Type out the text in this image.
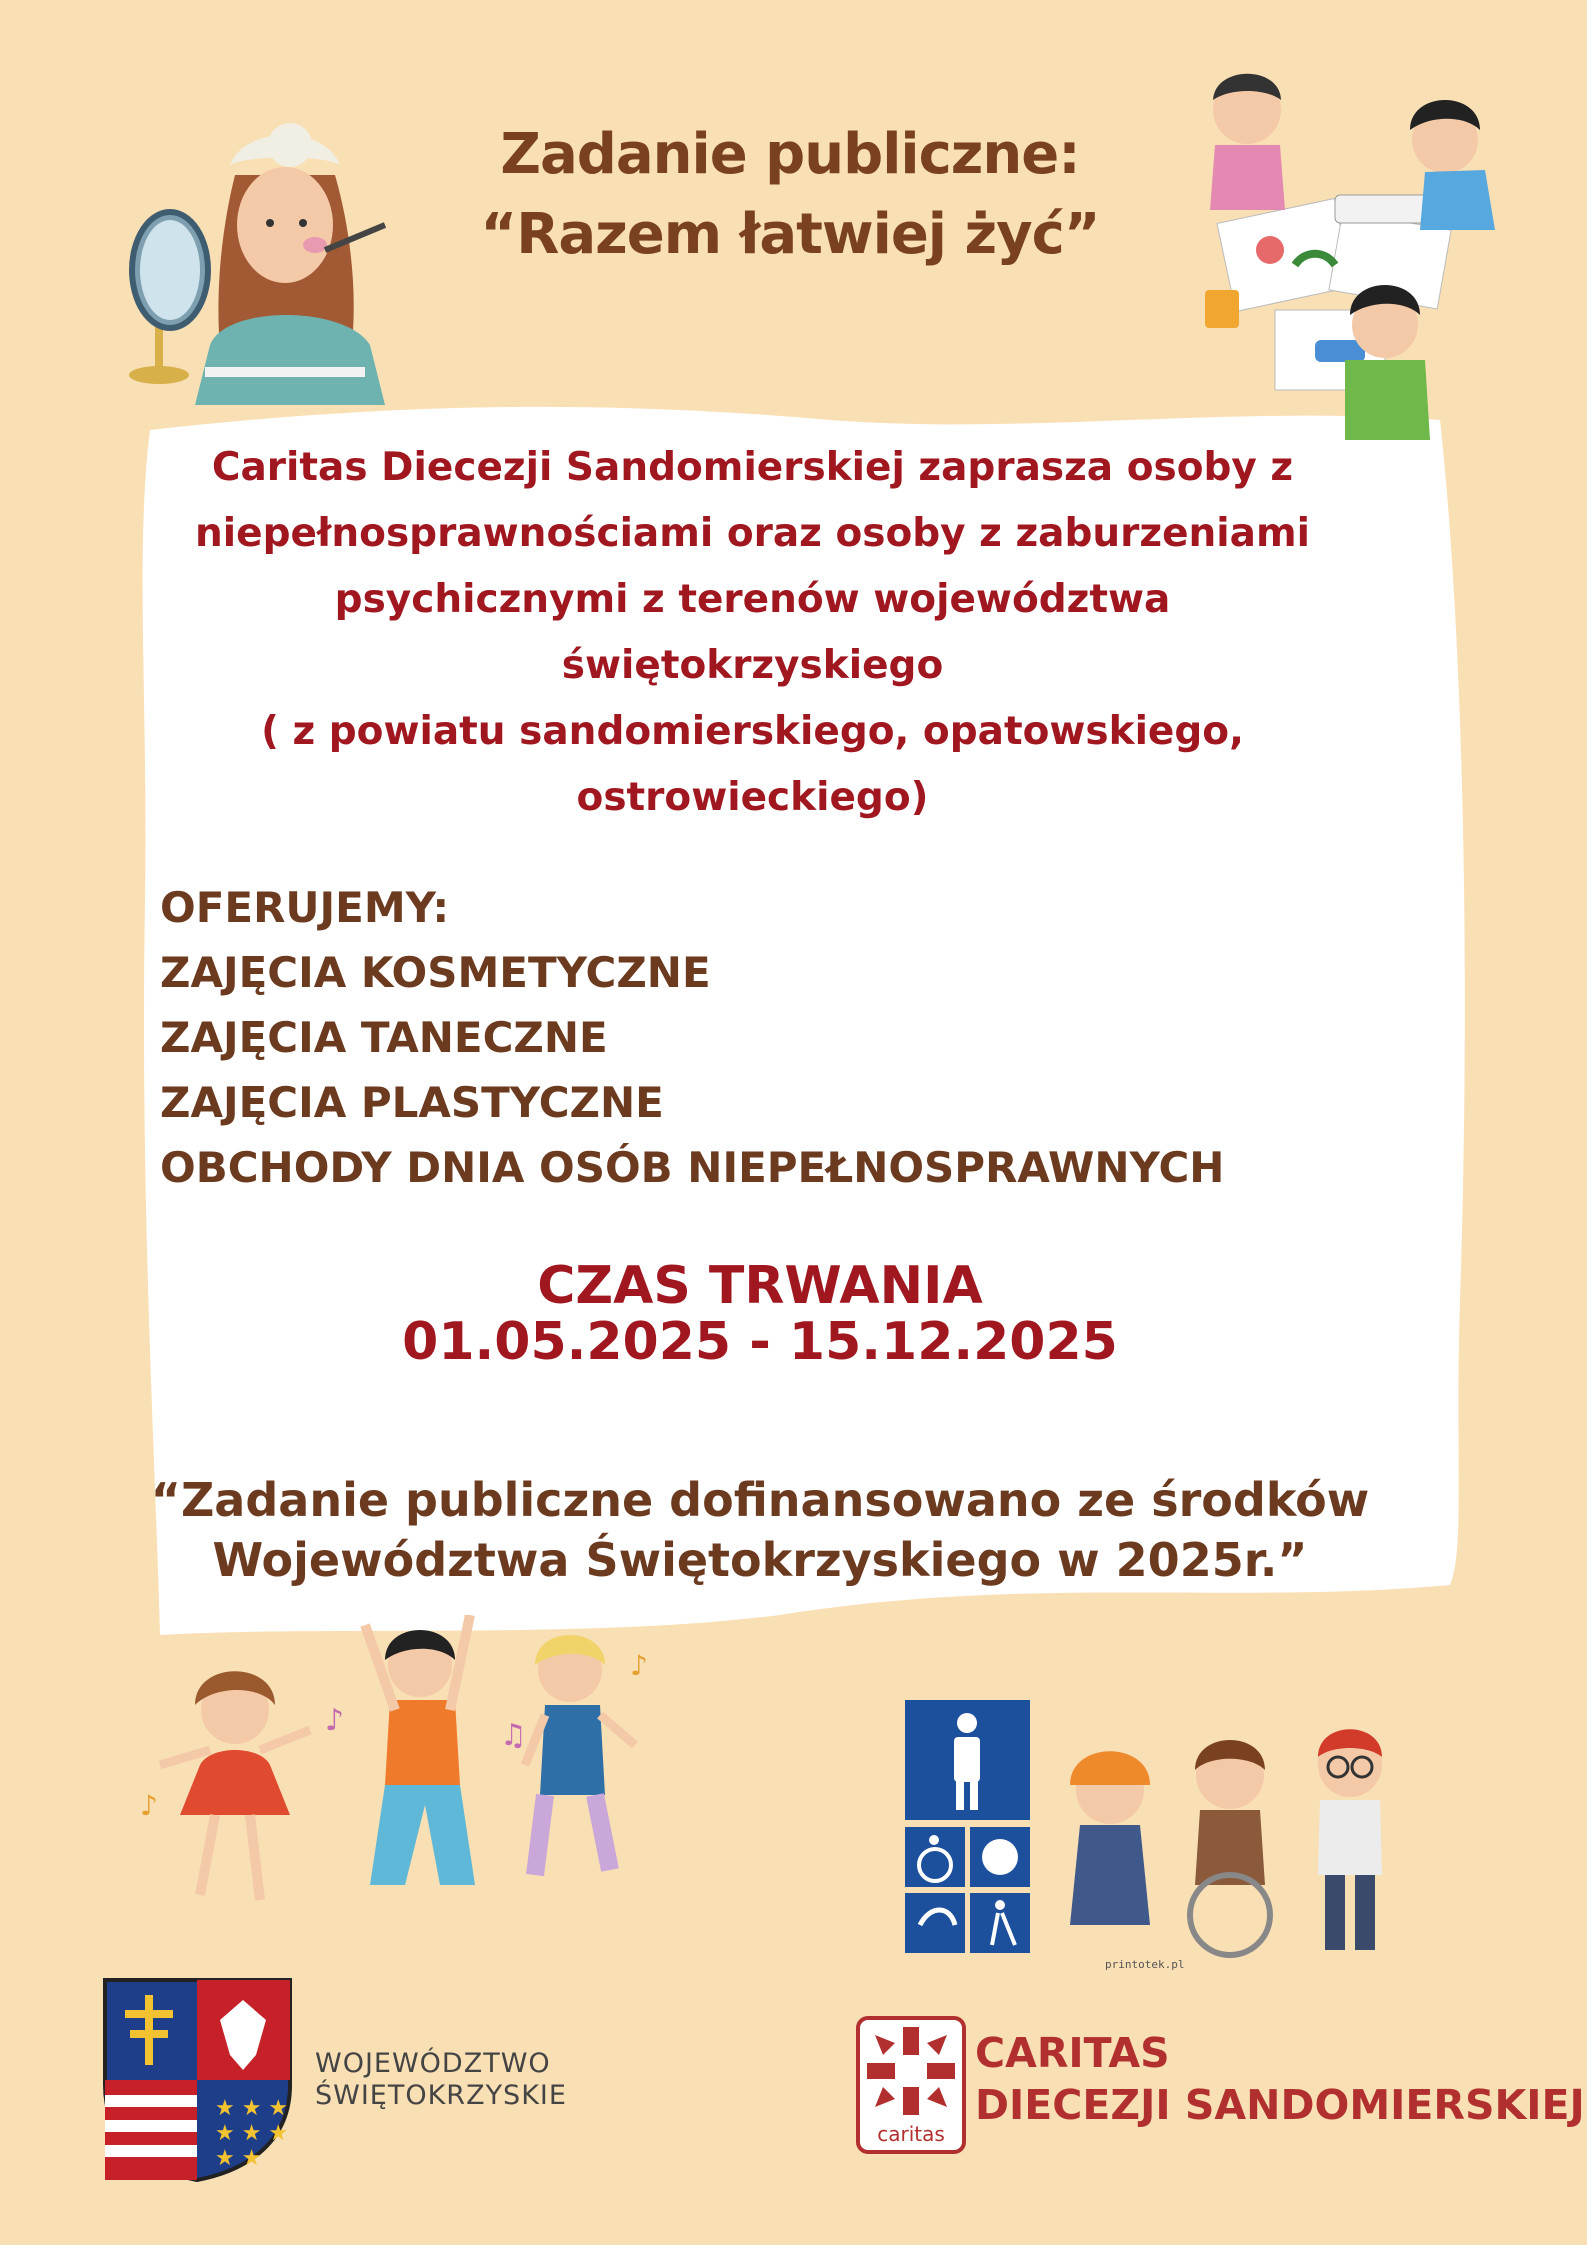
Zadanie publiczne:
“Razem łatwiej żyć”
Caritas Diecezji Sandomierskiej zaprasza osoby z
niepełnosprawnościami oraz osoby z zaburzeniami
psychicznymi z terenów województwa
świętokrzyskiego
( z powiatu sandomierskiego, opatowskiego,
ostrowieckiego)
OFERUJEMY:
ZAJĘCIA KOSMETYCZNE
ZAJĘCIA TANECZNE
ZAJĘCIA PLASTYCZNE
OBCHODY DNIA OSÓB NIEPEŁNOSPRAWNYCH
CZAS TRWANIA
01.05.2025 - 15.12.2025
“Zadanie publiczne dofinansowano ze środków
Województwa Świętokrzyskiego w 2025r.”
♪	♫
♪
♪
printotek.pl
★ ★ ★
★ ★ ★
★ ★
WOJEWÓDZTWO
ŚWIĘTOKRZYSKIE
caritas
CARITAS
DIECEZJI SANDOMIERSKIEJ
